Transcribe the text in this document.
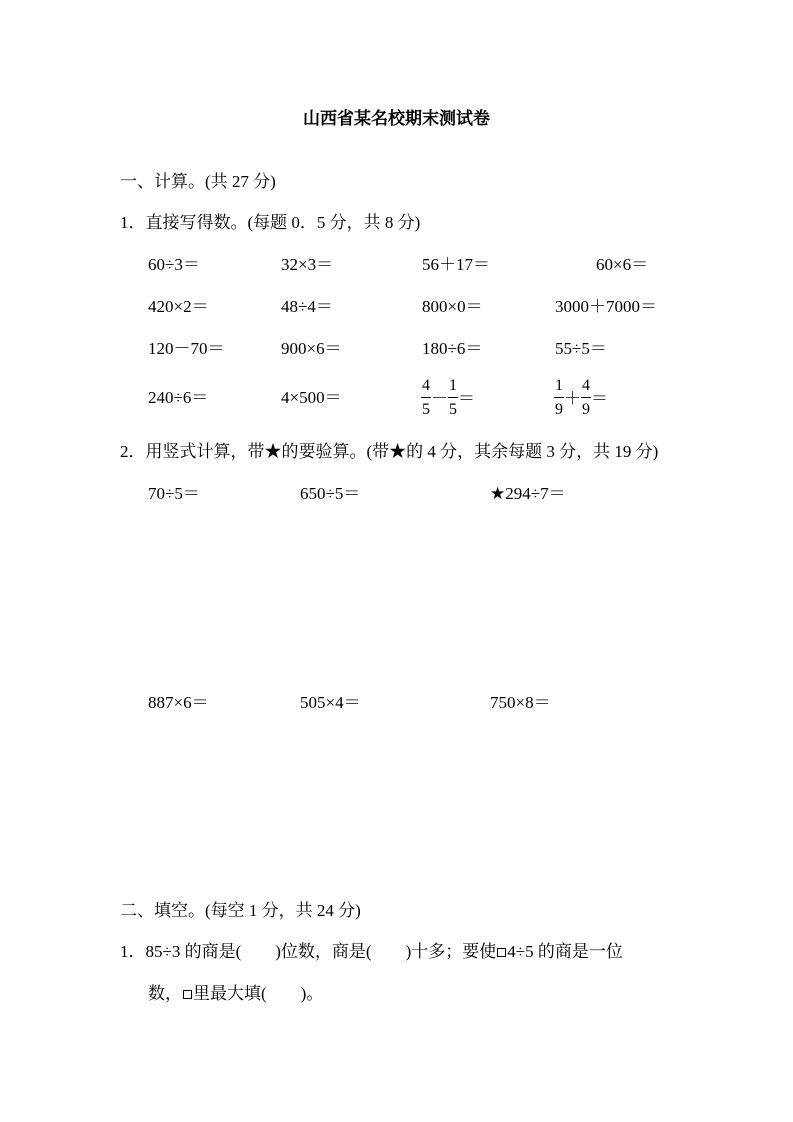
山西省某名校期末测试卷
一、计算。(共 27 分)
1．直接写得数。(每题 0．5 分，共 8 分)
60÷3＝	32×3＝	56＋17＝	60×6＝
420×2＝	48÷4＝	800×0＝	3000＋7000＝
120－70＝	900×6＝	180÷6＝	55÷5＝
240÷6＝	4×500＝	$\frac{4}{5} - \frac{1}{5}$ ＝	$\frac{1}{9} + \frac{4}{9}$ ＝
2．用竖式计算，带★的要验算。(带★的 4 分，其余每题 3 分，共 19 分)
70÷5＝	650÷5＝	★294÷7＝
887×6＝	505×4＝	750×8＝
二、填空。(每空 1 分，共 24 分)
1．85÷3 的商是(　　)位数，商是(　　)十多；要使 4÷5 的商是一位
数， 里最大填(　　)。
